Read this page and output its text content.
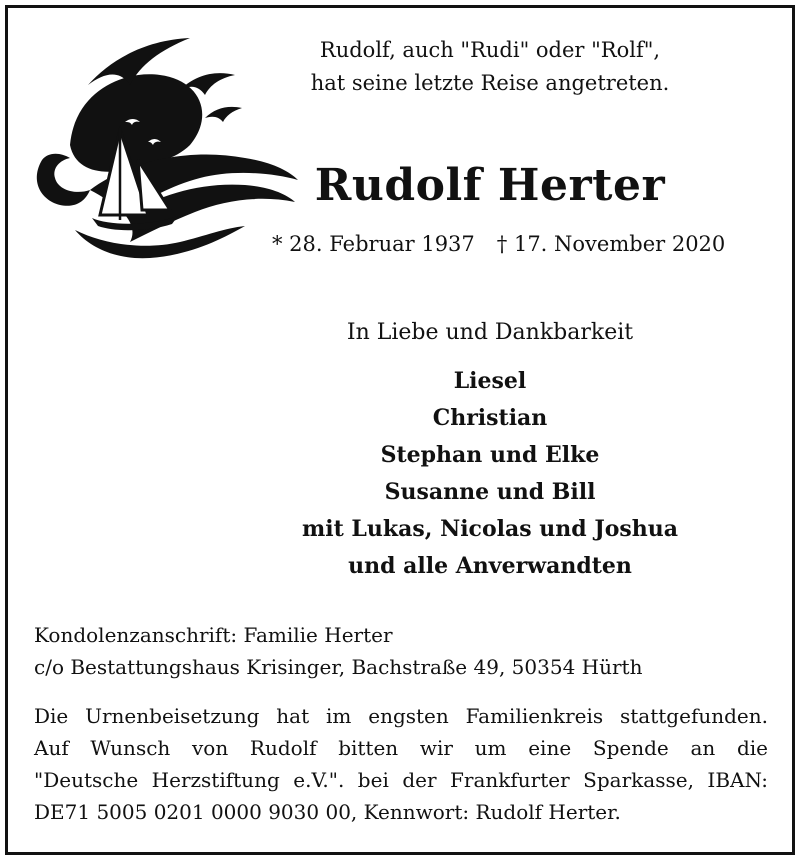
Rudolf, auch "Rudi" oder "Rolf",
hat seine letzte Reise angetreten.
Rudolf Herter
* 28. Februar 1937 † 17. November 2020
In Liebe und Dankbarkeit
Liesel
Christian
Stephan und Elke
Susanne und Bill
mit Lukas, Nicolas und Joshua
und alle Anverwandten
Kondolenzanschrift: Familie Herter
c/o Bestattungshaus Krisinger, Bachstraße 49, 50354 Hürth
Die Urnenbeisetzung hat im engsten Familienkreis stattgefunden.
Auf Wunsch von Rudolf bitten wir um eine Spende an die
"Deutsche Herzstiftung e.V.". bei der Frankfurter Sparkasse, IBAN:
DE71 5005 0201 0000 9030 00, Kennwort: Rudolf Herter.
